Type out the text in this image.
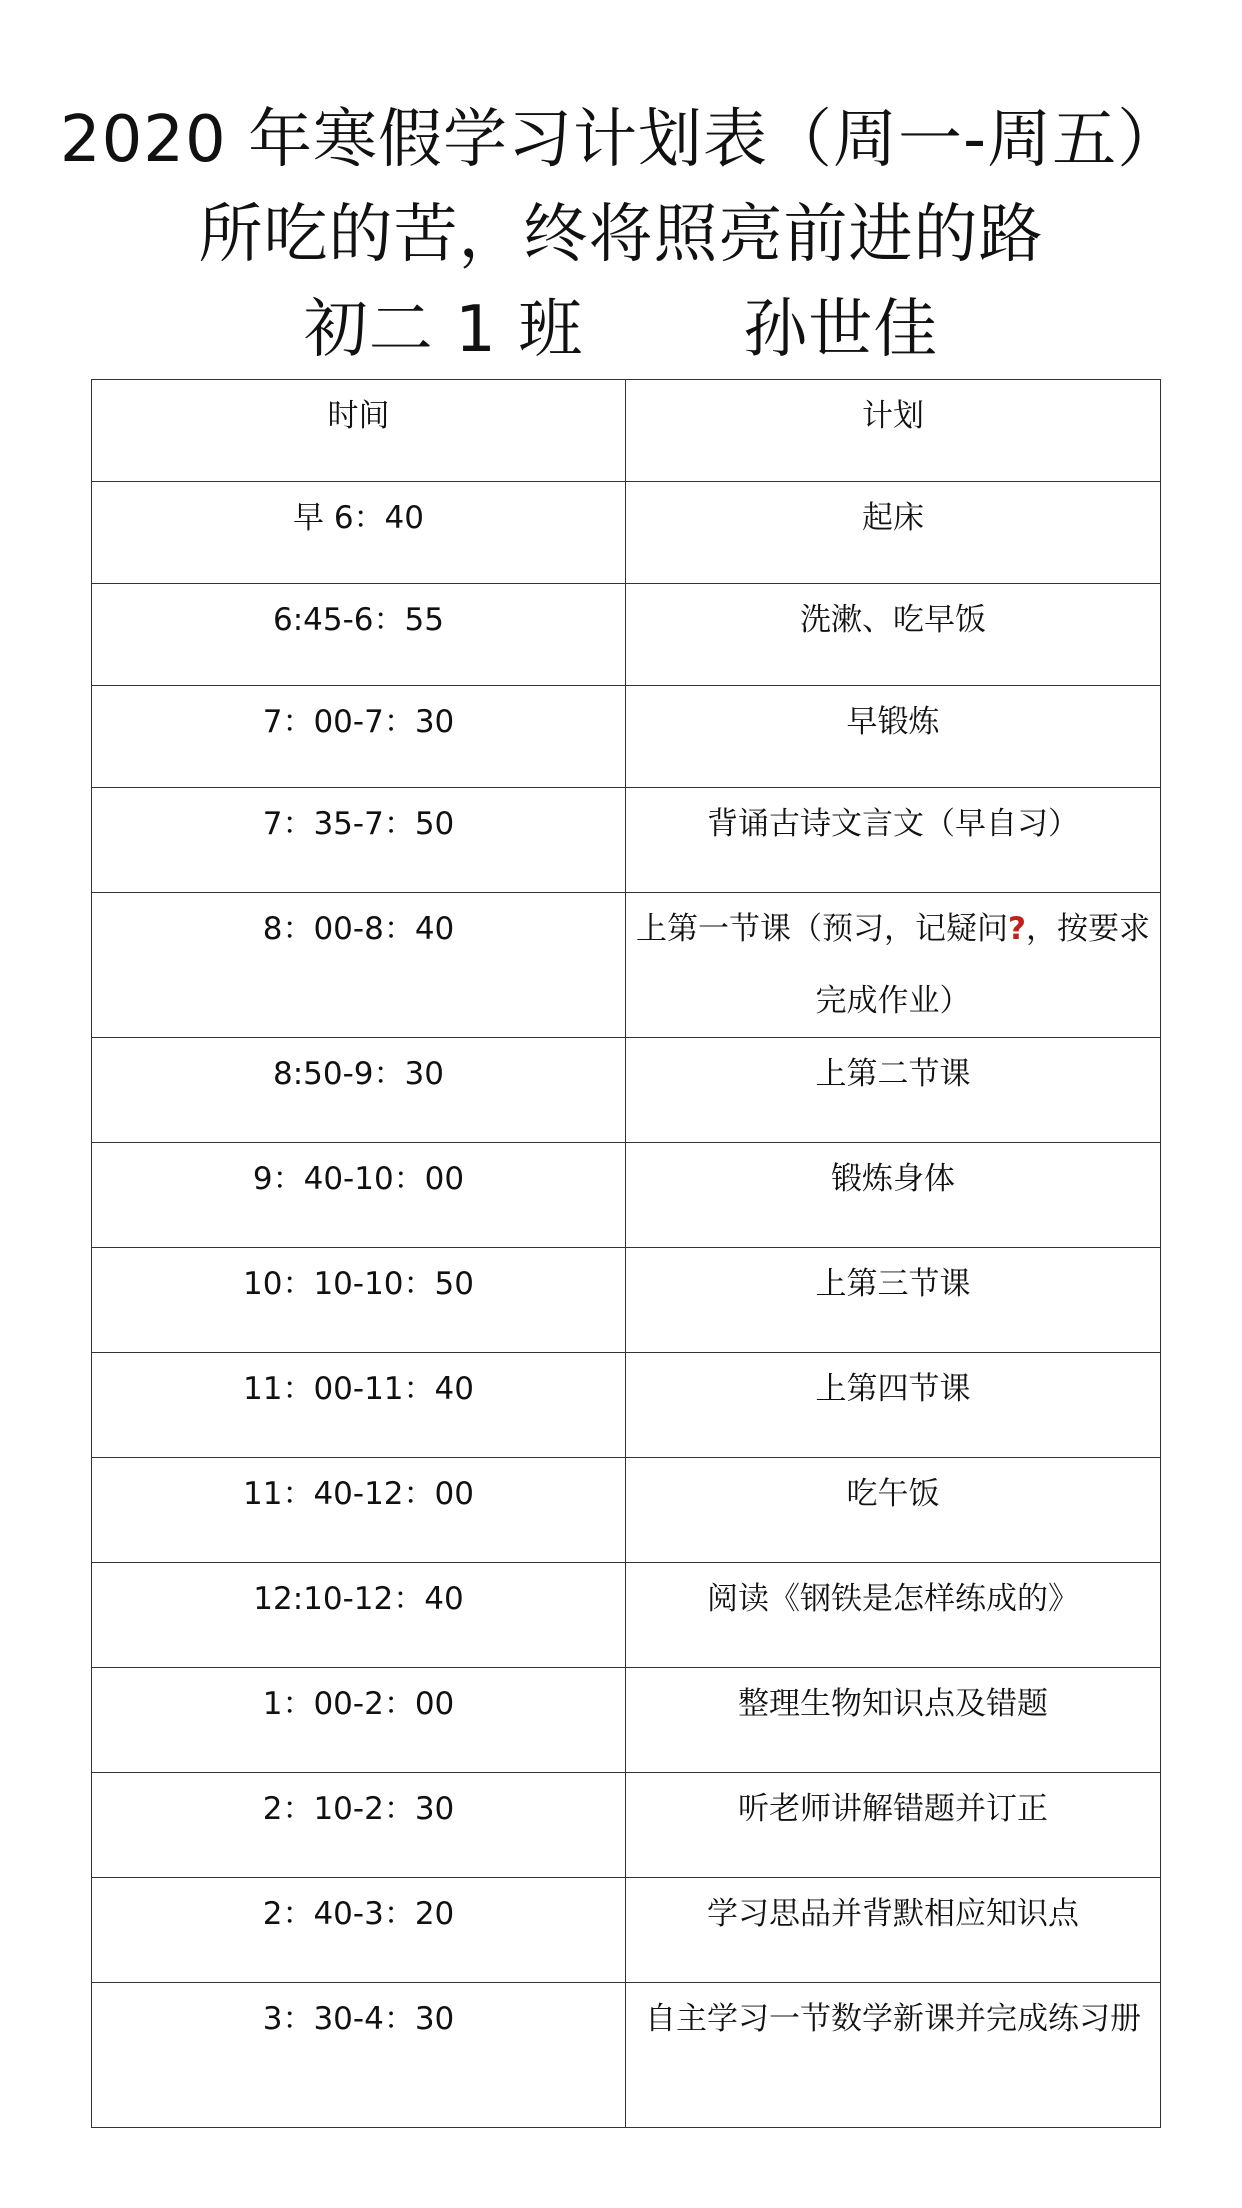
2020 年寒假学习计划表（周一-周五）
所吃的苦，终将照亮前进的路
初二 1 班	孙世佳
时间	计划
早 6：40	起床
6:45-6：55	洗漱、吃早饭
7：00-7：30	早锻炼
7：35-7：50	背诵古诗文言文（早自习）
8：00-8：40	上第一节课（预习，记疑问?，按要求完成作业）
8:50-9：30	上第二节课
9：40-10：00	锻炼身体
10：10-10：50	上第三节课
11：00-11：40	上第四节课
11：40-12：00	吃午饭
12:10-12：40	阅读《钢铁是怎样练成的》
1：00-2：00	整理生物知识点及错题
2：10-2：30	听老师讲解错题并订正
2：40-3：20	学习思品并背默相应知识点
3：30-4：30	自主学习一节数学新课并完成练习册
